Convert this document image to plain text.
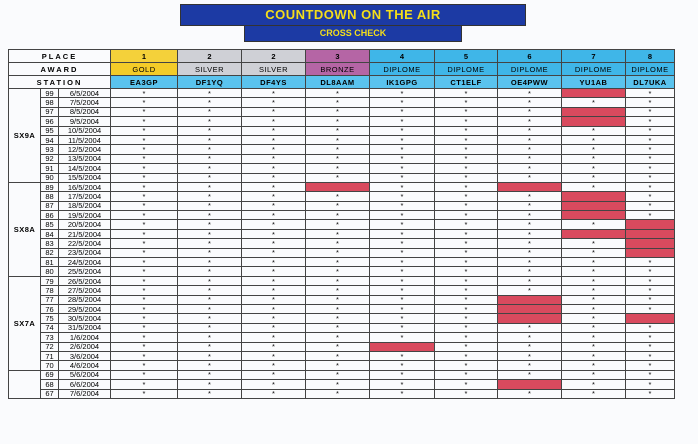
COUNTDOWN ON THE AIR
CROSS CHECK
PLACE			1	2	2	3	4	5	6	7	8	
AWARD			GOLD	SILVER	SILVER	BRONZE	DIPLOME	DIPLOME	DIPLOME	DIPLOME	DIPLOME	
STATION			EA3GP	DF1YQ	DF4YS	DL8AAM	IK1GPG	CT1ELF	OE4PWW	YU1AB	DL7UKA	
SX9A	99	6/5/2004	*	*	*	*	*	*	*		*	
	98	7/5/2004	*	*	*	*	*	*	*	*	*	
	97	8/5/2004	*	*	*	*	*	*	*		*	
	96	9/5/2004	*	*	*	*	*	*	*		*	
	95	10/5/2004	*	*	*	*	*	*	*	*	*	
	94	11/5/2004	*	*	*	*	*	*	*	*	*	
	93	12/5/2004	*	*	*	*	*	*	*	*	*	
	92	13/5/2004	*	*	*	*	*	*	*	*	*	
	91	14/5/2004	*	*	*	*	*	*	*	*	*	
	90	15/5/2004	*	*	*	*	*	*	*	*	*	
SX8A	89	16/5/2004	*	*	*		*	*		*	*	
	88	17/5/2004	*	*	*	*	*	*	*		*	
	87	18/5/2004	*	*	*	*	*	*	*		*	
	86	19/5/2004	*	*	*	*	*	*	*		*	
	85	20/5/2004	*	*	*	*	*	*	*	*		
	84	21/5/2004	*	*	*	*	*	*	*			
	83	22/5/2004	*	*	*	*	*	*	*	*		
	82	23/5/2004	*	*	*	*	*	*	*	*		
	81	24/5/2004	*	*	*	*	*	*	*	*	*	
	80	25/5/2004	*	*	*	*	*	*	*	*	*	
SX7A	79	26/5/2004	*	*	*	*	*	*	*	*	*	
	78	27/5/2004	*	*	*	*	*	*	*	*	*	
	77	28/5/2004	*	*	*	*	*	*		*	*	
	76	29/5/2004	*	*	*	*	*	*		*	*	
	75	30/5/2004	*	*	*	*	*	*		*		
	74	31/5/2004	*	*	*	*	*	*	*	*	*	
	73	1/6/2004	*	*	*	*	*	*	*	*	*	
	72	2/6/2004	*	*	*	*		*	*	*	*	
	71	3/6/2004	*	*	*	*	*	*	*	*	*	
	70	4/6/2004	*	*	*	*	*	*	*	*	*	
	69	5/6/2004	*	*	*	*	*	*	*	*	*	
	68	6/6/2004	*	*	*	*	*	*		*	*	
	67	7/6/2004	*	*	*	*	*	*	*	*	*	
